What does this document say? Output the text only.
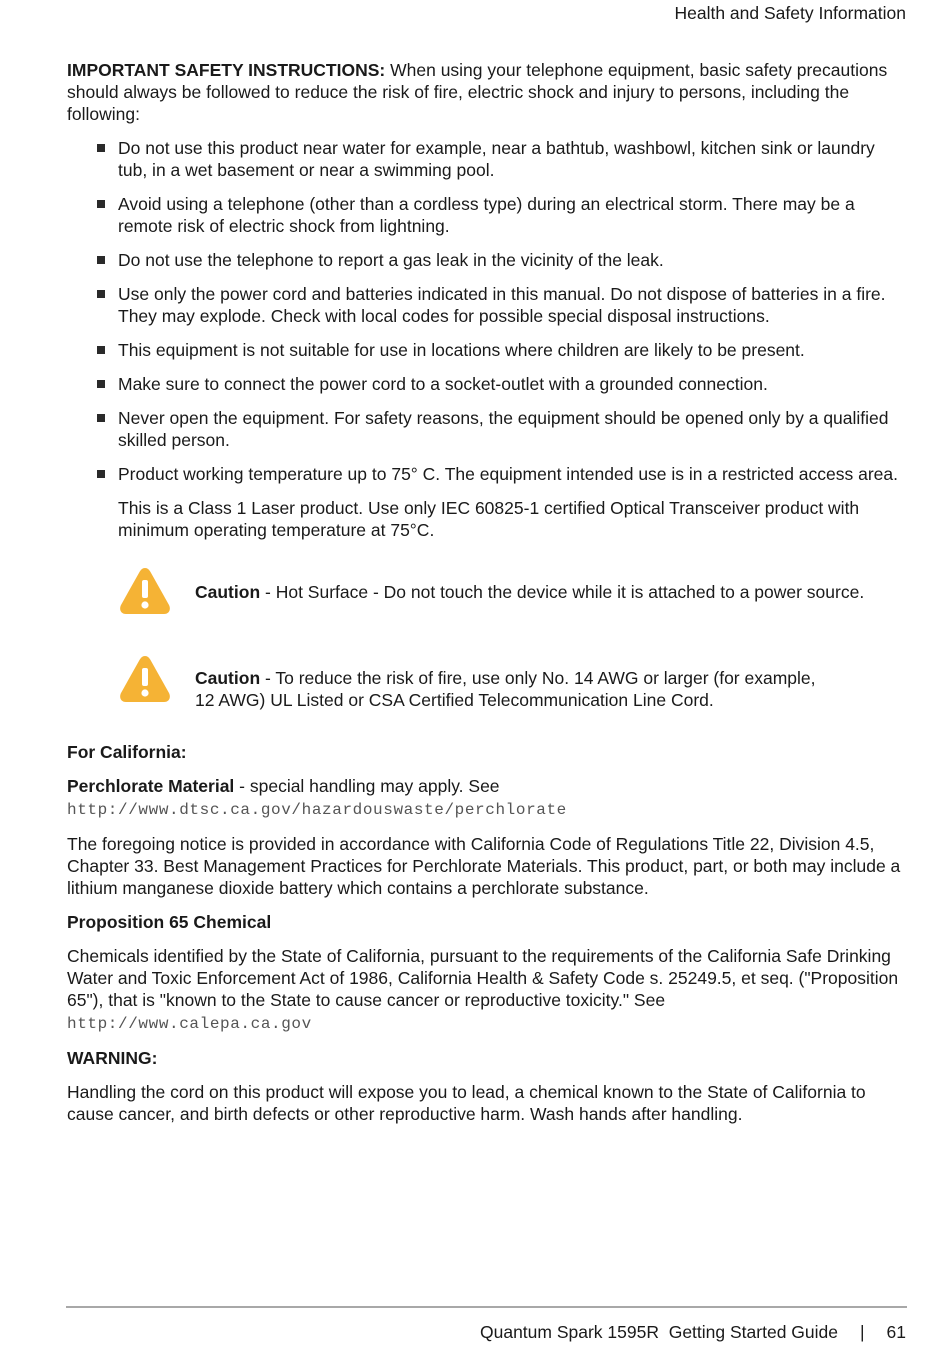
Health and Safety Information

IMPORTANT SAFETY INSTRUCTIONS: When using your telephone equipment, basic safety precautions should always be followed to reduce the risk of fire, electric shock and injury to persons, including the following:

Do not use this product near water for example, near a bathtub, washbowl, kitchen sink or laundry tub, in a wet basement or near a swimming pool.
Avoid using a telephone (other than a cordless type) during an electrical storm. There may be a remote risk of electric shock from lightning.
Do not use the telephone to report a gas leak in the vicinity of the leak.
Use only the power cord and batteries indicated in this manual. Do not dispose of batteries in a fire. They may explode. Check with local codes for possible special disposal instructions.
This equipment is not suitable for use in locations where children are likely to be present.
Make sure to connect the power cord to a socket-outlet with a grounded connection.
Never open the equipment. For safety reasons, the equipment should be opened only by a qualified skilled person.
Product working temperature up to 75° C. The equipment intended use is in a restricted access area.

This is a Class 1 Laser product. Use only IEC 60825-1 certified Optical Transceiver product with minimum operating temperature at 75°C.

Caution - Hot Surface - Do not touch the device while it is attached to a power source.
Caution - To reduce the risk of fire, use only No. 14 AWG or larger (for example, 12 AWG) UL Listed or CSA Certified Telecommunication Line Cord.

For California:

Perchlorate Material - special handling may apply. See
http://www.dtsc.ca.gov/hazardouswaste/perchlorate

The foregoing notice is provided in accordance with California Code of Regulations Title 22, Division 4.5, Chapter 33. Best Management Practices for Perchlorate Materials. This product, part, or both may include a lithium manganese dioxide battery which contains a perchlorate substance.

Proposition 65 Chemical

Chemicals identified by the State of California, pursuant to the requirements of the California Safe Drinking Water and Toxic Enforcement Act of 1986, California Health & Safety Code s. 25249.5, et seq. ("Proposition 65"), that is "known to the State to cause cancer or reproductive toxicity." See
http://www.calepa.ca.gov

WARNING:

Handling the cord on this product will expose you to lead, a chemical known to the State of California to cause cancer, and birth defects or other reproductive harm. Wash hands after handling.

Quantum Spark 1595R  Getting Started Guide | 61
